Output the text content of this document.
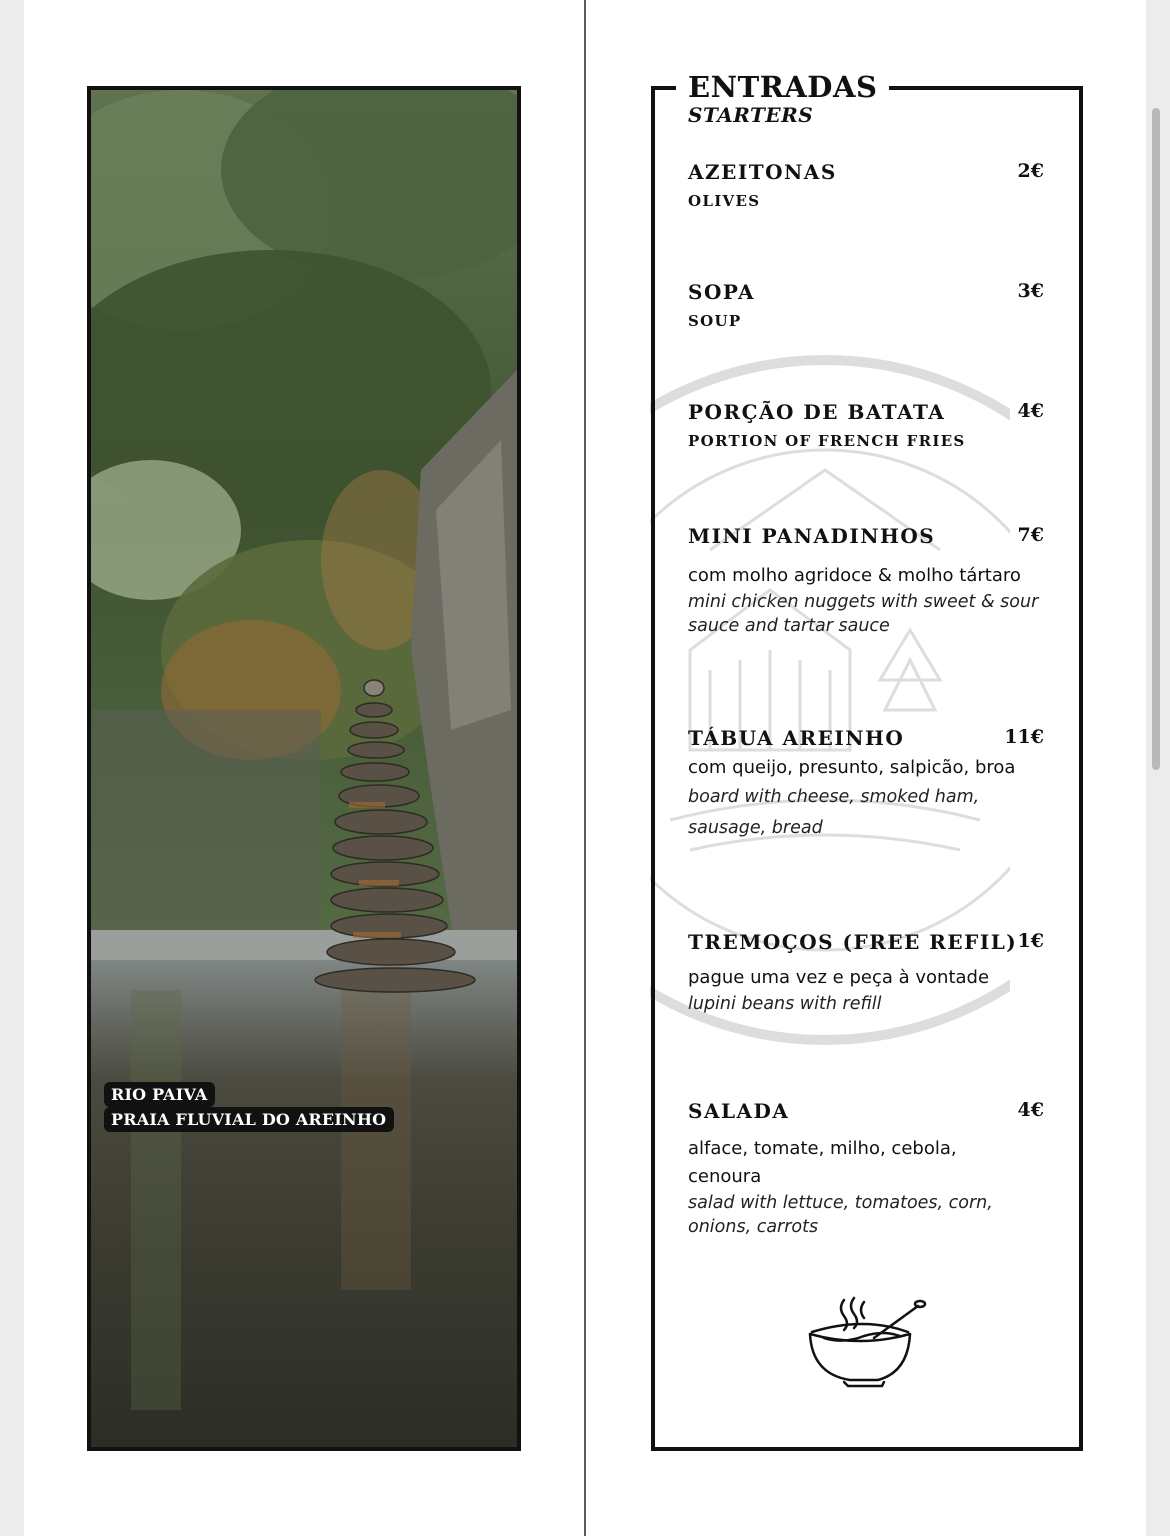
RIO PAIVA
PRAIA FLUVIAL DO AREINHO
ENTRADAS
STARTERS
AZEITONAS	2€
OLIVES
SOPA	3€
SOUP
PORÇÃO DE BATATA	4€
PORTION OF FRENCH FRIES
MINI PANADINHOS	7€
com molho agridoce & molho tártaro
mini chicken nuggets with sweet & sour sauce and tartar sauce
TÁBUA AREINHO	11€
com queijo, presunto, salpicão, broa
board with cheese, smoked ham, sausage, bread
TREMOÇOS (FREE REFIL) 1€
pague uma vez e peça à vontade
lupini beans with refill
SALADA	4€
alface, tomate, milho, cebola, cenoura
salad with lettuce, tomatoes, corn, onions, carrots
